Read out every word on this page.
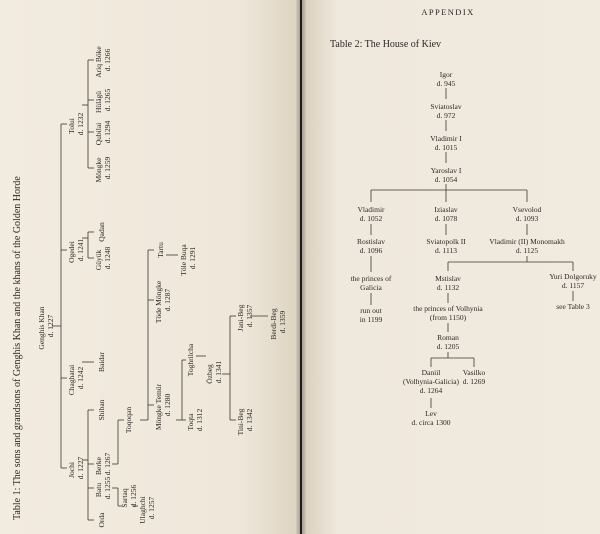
Table 1: The sons and grandsons of Genghis Khan and the khans of the Golden Horde	Genghis Khan d. 1227
Tolui d. 1232
Ogedei d. 1241
Chaghatai d. 1242
Jochi d. 1227
Ariq Böke d. 1266
Hülägü d. 1265
Qubilai d. 1294
Möngke d. 1259
Qadan
Güyük d. 1248
Baidar
Shiban
Berke d. 1267
Batu d. 1255
Orda
Toqoqan
Sartaq d. 1256
Ulaghchi d. 1257
Möngke Temür d. 1280
Töde Möngke d. 1287
Tartu	Töle Buqa d. 1291
Toqta d. 1312
Toghrilcha	Özbeg d. 1341
Tini-Beg d. 1342
Jani-Beg d. 1357	Berdi-Beg d. 1359
APPENDIX
Table 2: The House of Kiev
Igor d. 945
Sviatoslav d. 972
Vladimir I d. 1015
Yaroslav I d. 1054
Vladimir d. 1052
Iziaslav d. 1078
Vsevolod d. 1093
Rostislav d. 1096
Sviatopolk II d. 1113
Vladimir (II) Monomakh d. 1125
the princes of Galicia
run out in 1199
Mstislav d. 1132
Yuri Dolgoruky d. 1157
see Table 3
the princes of Volhynia (from 1150)
Roman d. 1205
Daniil (Volhynia-Galicia) d. 1264
Vasilko d. 1269
Lev d. circa 1300
